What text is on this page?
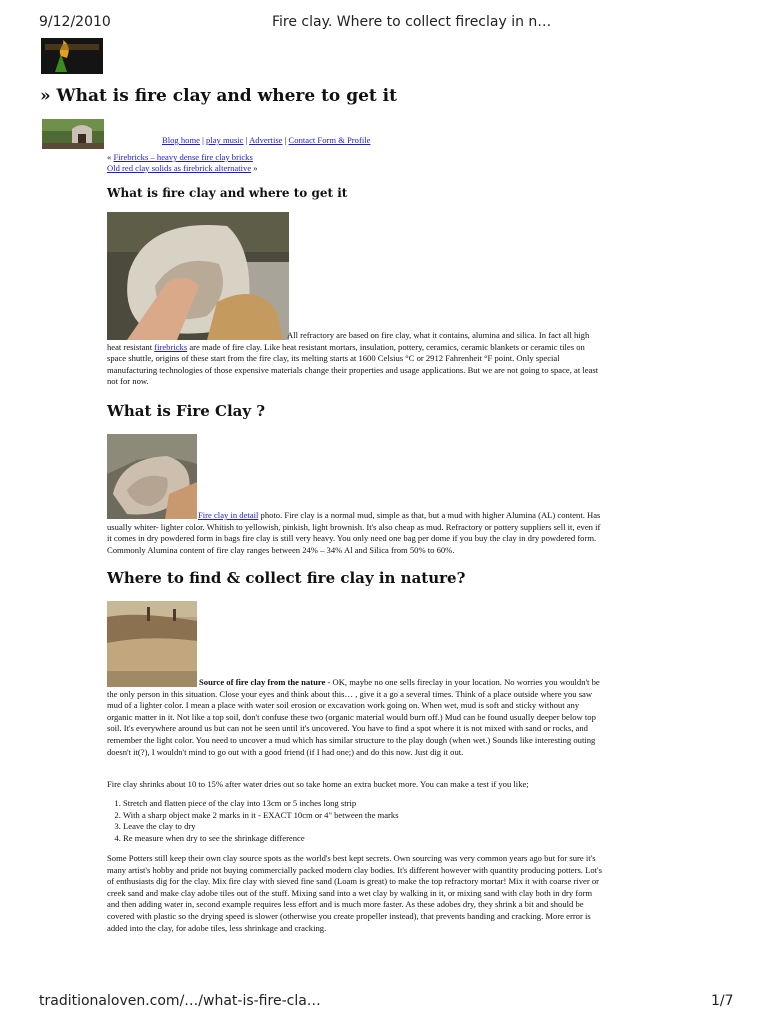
9/12/2010	Fire clay. Where to collect fireclay in n…
» What is fire clay and where to get it
Blog home | play music | Advertise | Contact Form & Profile
« Firebricks – heavy dense fire clay bricks
Old red clay solids as firebrick alternative »
What is fire clay and where to get it
All refractory are based on fire clay, what it contains, alumina and silica. In fact all high heat resistant firebricks are made of fire clay. Like heat resistant mortars, insulation, pottery, ceramics, ceramic blankets or ceramic tiles on space shuttle, origins of these start from the fire clay, its melting starts at 1600 Celsius °C or 2912 Fahrenheit °F point. Only special manufacturing technologies of those expensive materials change their properties and usage applications. But we are not going to space, at least not for now.
What is Fire Clay ?
Fire clay in detail photo. Fire clay is a normal mud, simple as that, but a mud with higher Alumina (AL) content. Has usually whiter- lighter color. Whitish to yellowish, pinkish, light brownish. It's also cheap as mud. Refractory or pottery suppliers sell it, even if it comes in dry powdered form in bags fire clay is still very heavy. You only need one bag per dome if you buy the clay in dry powdered form. Commonly Alumina content of fire clay ranges between 24% – 34% Al and Silica from 50% to 60%.
Where to find & collect fire clay in nature?
Source of fire clay from the nature - OK, maybe no one sells fireclay in your location. No worries you wouldn't be the only person in this situation. Close your eyes and think about this… , give it a go a several times. Think of a place outside where you saw mud of a lighter color. I mean a place with water soil erosion or excavation work going on. When wet, mud is soft and sticky without any organic matter in it. Not like a top soil, don't confuse these two (organic material would burn off.) Mud can be found usually deeper below top soil. It's everywhere around us but can not be seen until it's uncovered. You have to find a spot where it is not mixed with sand or rocks, and remember the light color. You need to uncover a mud which has similar structure to the play dough (when wet.) Sounds like interesting outing doesn't it(?), I wouldn't mind to go out with a good friend (if I had one;) and do this now. Just dig it out.
Fire clay shrinks about 10 to 15% after water dries out so take home an extra bucket more. You can make a test if you like;
1. Stretch and flatten piece of the clay into 13cm or 5 inches long strip
2. With a sharp object make 2 marks in it - EXACT 10cm or 4" between the marks
3. Leave the clay to dry
4. Re measure when dry to see the shrinkage difference
Some Potters still keep their own clay source spots as the world's best kept secrets. Own sourcing was very common years ago but for sure it's many artist's hobby and pride not buying commercially packed modern clay bodies. It's different however with quantity producing potters. Lot's of enthusiasts dig for the clay. Mix fire clay with sieved fine sand (Loam is great) to make the top refractory mortar! Mix it with coarse river or creek sand and make clay adobe tiles out of the stuff. Mixing sand into a wet clay by walking in it, or mixing sand with clay both in dry form and then adding water in, second example requires less effort and is much more faster. As these adobes dry, they shrink a bit and should be covered with plastic so the drying speed is slower (otherwise you create propeller instead), that prevents banding and cracking. More error is added into the clay, for adobe tiles, less shrinkage and cracking.
traditionaloven.com/…/what-is-fire-cla…	1/7
